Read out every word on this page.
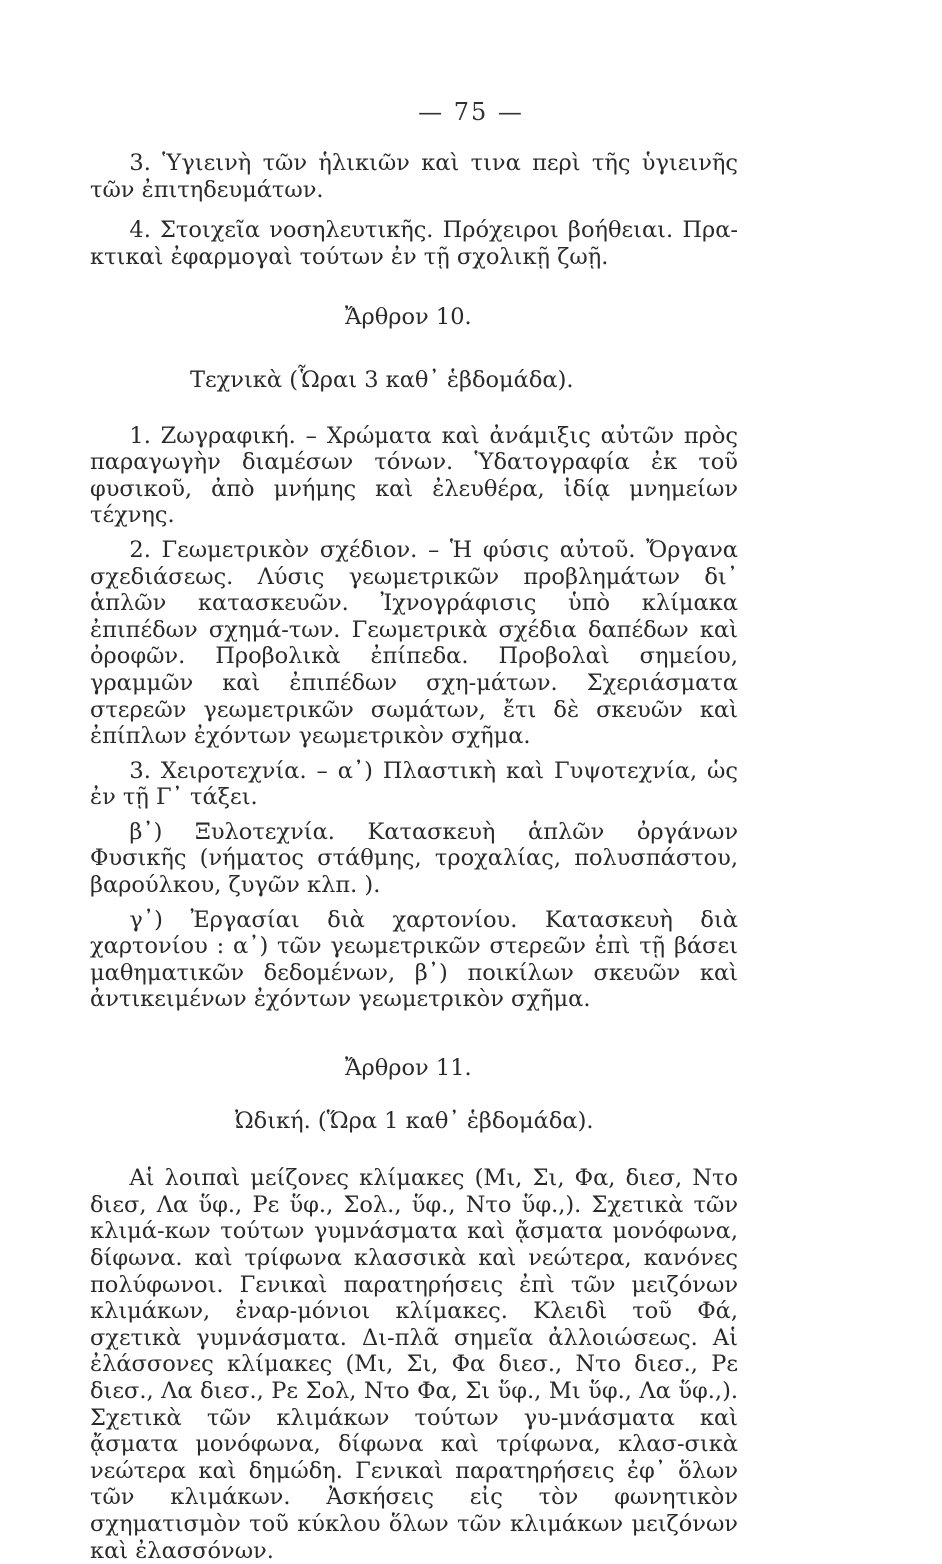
— 75 —

3. Ὑγιεινὴ τῶν ἡλικιῶν καὶ τινα περὶ τῆς ὑγιεινῆς τῶν ἐπιτηδευμάτων.

4. Στοιχεῖα νοσηλευτικῆς. Πρόχειροι βοήθειαι. Πρα-κτικαὶ ἐφαρμογαὶ τούτων ἐν τῇ σχολικῇ ζωῇ.

Ἄρθρον 10.

Τεχνικὰ (Ὧραι 3 καθ᾽ ἑβδομάδα).

1. Ζωγραφική. – Χρώματα καὶ ἀνάμιξις αὐτῶν πρὸς παραγωγὴν διαμέσων τόνων. Ὑδατογραφία ἐκ τοῦ φυσικοῦ, ἀπὸ μνήμης καὶ ἐλευθέρα, ἰδίᾳ μνημείων τέχνης.

2. Γεωμετρικὸν σχέδιον. – Ἡ φύσις αὐτοῦ. Ὄργανα σχεδιάσεως. Λύσις γεωμετρικῶν προβλημάτων δι᾽ ἁπλῶν κατασκευῶν. Ἰχνογράφισις ὑπὸ κλίμακα ἐπιπέδων σχημά-των. Γεωμετρικὰ σχέδια δαπέδων καὶ ὀροφῶν. Προβολικὰ ἐπίπεδα. Προβολαὶ σημείου, γραμμῶν καὶ ἐπιπέδων σχη-μάτων. Σχεριάσματα στερεῶν γεωμετρικῶν σωμάτων, ἔτι δὲ σκευῶν καὶ ἐπίπλων ἐχόντων γεωμετρικὸν σχῆμα.

3. Χειροτεχνία. – α᾽) Πλαστικὴ καὶ Γυψοτεχνία, ὡς ἐν τῇ Γ᾽ τάξει.

β᾽) Ξυλοτεχνία. Κατασκευὴ ἁπλῶν ὀργάνων Φυσικῆς (νήματος στάθμης, τροχαλίας, πολυσπάστου, βαρούλκου, ζυγῶν κλπ. ).

γ᾽) Ἐργασίαι διὰ χαρτονίου. Κατασκευὴ διὰ χαρτονίου : α᾽) τῶν γεωμετρικῶν στερεῶν ἐπὶ τῇ βάσει μαθηματικῶν δεδομένων, β᾽) ποικίλων σκευῶν καὶ ἀντικειμένων ἐχόντων γεωμετρικὸν σχῆμα.

Ἄρθρον 11.

Ὠδική. (Ὥρα 1 καθ᾽ ἑβδομάδα).

Αἱ λοιπαὶ μείζονες κλίμακες (Μι, Σι, Φα, διεσ, Ντο διεσ, Λα ὕφ., Ρε ὕφ., Σολ., ὕφ., Ντο ὕφ.,). Σχετικὰ τῶν κλιμά-κων τούτων γυμνάσματα καὶ ᾄσματα μονόφωνα, δίφωνα. καὶ τρίφωνα κλασσικὰ καὶ νεώτερα, κανόνες πολύφωνοι. Γενικαὶ παρατηρήσεις ἐπὶ τῶν μειζόνων κλιμάκων, ἐναρ-μόνιοι κλίμακες. Κλειδὶ τοῦ Φά, σχετικὰ γυμνάσματα. Δι-πλᾶ σημεῖα ἀλλοιώσεως. Αἱ ἐλάσσονες κλίμακες (Μι, Σι, Φα διεσ., Ντο διεσ., Ρε διεσ., Λα διεσ., Ρε Σολ, Ντο Φα, Σι ὕφ., Μι ὕφ., Λα ὕφ.,). Σχετικὰ τῶν κλιμάκων τούτων γυ-μνάσματα καὶ ᾄσματα μονόφωνα, δίφωνα καὶ τρίφωνα, κλασ-σικὰ νεώτερα καὶ δημώδη. Γενικαὶ παρατηρήσεις ἐφ᾽ ὅλων τῶν κλιμάκων. Ἀσκήσεις εἰς τὸν φωνητικὸν σχηματισμὸν τοῦ κύκλου ὅλων τῶν κλιμάκων μειζόνων καὶ ἐλασσόνων.
